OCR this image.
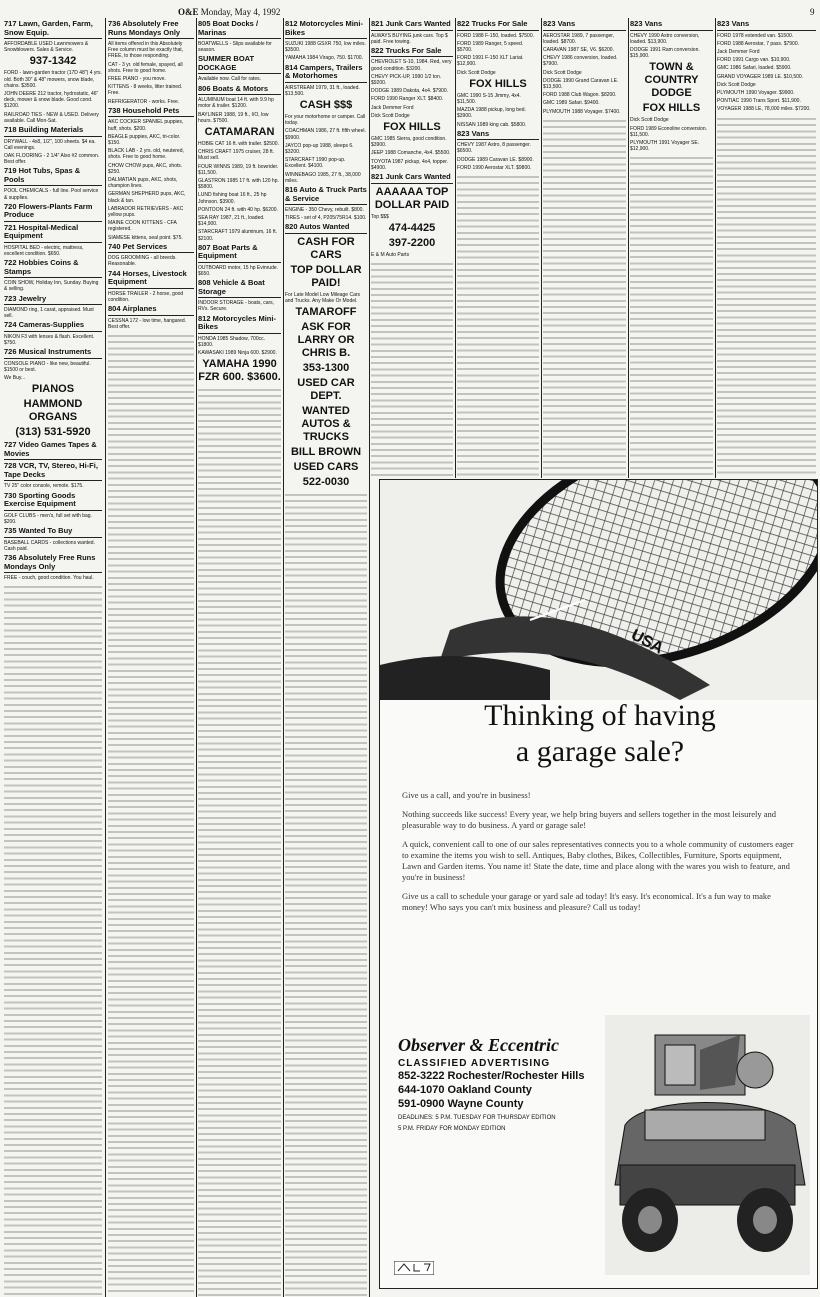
O&E Monday, May 4, 1992	9
717 Lawn, Garden, Farm, Snow Equip.
AFFORDABLE USED Lawnmowers & Snowblowers. Sales & Service.
937-1342
FORD - lawn-garden tractor (17D 48") 4 yrs. old. Both 30" & 48" mowers, snow blade, chains. $3500.
JOHN DEERE 212 tractor, hydrostatic, 46" deck, mower & snow blade. Good cond. $1200.
RAILROAD TIES - NEW & USED. Delivery available. Call Mon-Sat.
718 Building Materials
DRYWALL - 4x8, 1/2", 100 sheets. $4 ea. Call evenings.
OAK FLOORING - 2 1/4" Also #2 common. Best offer.
719 Hot Tubs, Spas & Pools
POOL CHEMICALS - full line. Pool service & supplies.
720 Flowers-Plants Farm Produce
721 Hospital-Medical Equipment
HOSPITAL BED - electric, mattress, excellent condition. $650.
722 Hobbies Coins & Stamps
COIN SHOW, Holiday Inn, Sunday. Buying & selling.
723 Jewelry
DIAMOND ring, 1 carat, appraised. Must sell.
724 Cameras-Supplies
NIKON F3 with lenses & flash. Excellent. $750.
726 Musical Instruments
CONSOLE PIANO - like new, beautiful. $1500 or best.
We Buy...
PIANOS
HAMMOND ORGANS
(313) 531-5920
727 Video Games Tapes & Movies
728 VCR, TV, Stereo, Hi-Fi, Tape Decks
TV 25" color console, remote. $175.
730 Sporting Goods Exercise Equipment
GOLF CLUBS - men's, full set with bag. $200.
735 Wanted To Buy
BASEBALL CARDS - collections wanted. Cash paid.
736 Absolutely Free Runs Mondays Only
FREE - couch, good condition. You haul.
736 Absolutely Free Runs Mondays Only
All items offered in this Absolutely Free column must be exactly that, FREE, to those responding.
CAT - 3 yr. old female, spayed, all shots. Free to good home.
FREE PIANO - you move.
KITTENS - 8 weeks, litter trained. Free.
REFRIGERATOR - works. Free.
738 Household Pets
AKC COCKER SPANIEL puppies, buff, shots. $200.
BEAGLE puppies, AKC, tri-color. $150.
BLACK LAB - 2 yrs. old, neutered, shots. Free to good home.
CHOW CHOW pups, AKC, shots. $250.
DALMATIAN pups, AKC, shots, champion lines.
GERMAN SHEPHERD pups, AKC, black & tan.
LABRADOR RETRIEVERS - AKC yellow pups.
MAINE COON KITTENS - CFA registered.
SIAMESE kittens, seal point. $75.
740 Pet Services
DOG GROOMING - all breeds. Reasonable.
744 Horses, Livestock Equipment
HORSE TRAILER - 2 horse, good condition.
804 Airplanes
CESSNA 172 - low time, hangared. Best offer.
805 Boat Docks / Marinas
BOATWELLS - Slips available for season.
SUMMER BOAT DOCKAGE
Available now. Call for rates.
806 Boats & Motors
ALUMINUM boat 14 ft. with 9.9 hp motor & trailer. $1200.
BAYLINER 1988, 19 ft., I/O, low hours. $7500.
CATAMARAN
HOBIE CAT 16 ft. with trailer. $2500.
CHRIS CRAFT 1975 cruiser, 28 ft. Must sell.
FOUR WINNS 1989, 19 ft. bowrider. $11,500.
GLASTRON 1985 17 ft. with 120 hp. $5800.
LUND fishing boat 16 ft., 25 hp Johnson. $3900.
PONTOON 24 ft. with 40 hp. $6200.
SEA RAY 1987, 21 ft., loaded. $14,900.
STARCRAFT 1979 aluminum, 16 ft. $2100.
807 Boat Parts & Equipment
OUTBOARD motor, 15 hp Evinrude. $650.
808 Vehicle & Boat Storage
INDOOR STORAGE - boats, cars, RVs. Secure.
812 Motorcycles Mini-Bikes
HONDA 1985 Shadow, 700cc. $1800.
KAWASAKI 1989 Ninja 600. $2900.
YAMAHA 1990 FZR 600. $3600.
812 Motorcycles Mini-Bikes
SUZUKI 1988 GSXR 750, low miles. $3500.
YAMAHA 1984 Virago, 750. $1700.
814 Campers, Trailers & Motorhomes
AIRSTREAM 1979, 31 ft., loaded. $13,500.
CASH $$$
For your motorhome or camper. Call today.
COACHMAN 1986, 27 ft. fifth wheel. $9900.
JAYCO pop-up 1988, sleeps 6. $3200.
STARCRAFT 1990 pop-up. Excellent. $4100.
WINNEBAGO 1985, 27 ft., 38,000 miles.
816 Auto & Truck Parts & Service
ENGINE - 350 Chevy, rebuilt. $800.
TIRES - set of 4, P205/75R14. $100.
820 Autos Wanted
CASH FOR CARS
TOP DOLLAR PAID!
For Late Model Low Mileage Cars and Trucks. Any Make Or Model.
TAMAROFF
ASK FOR LARRY OR CHRIS B.
353-1300
USED CAR DEPT.
WANTED AUTOS & TRUCKS
BILL BROWN
USED CARS
522-0030
821 Junk Cars Wanted
ALWAYS BUYING junk cars. Top $ paid. Free towing.
822 Trucks For Sale
CHEVROLET S-10, 1984. Red, very good condition. $3200.
CHEVY PICK-UP, 1990 1/2 ton. $9200.
DODGE 1989 Dakota, 4x4. $7900.
FORD 1990 Ranger XLT. $8400.
Jack Demmer Ford
Dick Scott Dodge
FOX HILLS
GMC 1985 Sierra, good condition. $3900.
JEEP 1988 Comanche, 4x4. $5500.
TOYOTA 1987 pickup, 4x4, topper. $4900.
821 Junk Cars Wanted
AAAAAA TOP DOLLAR PAID
Top $$$
474-4425
397-2200
E & M Auto Parts
822 Trucks For Sale
FORD 1988 F-150, loaded. $7500.
FORD 1989 Ranger, 5 speed. $5700.
FORD 1991 F-150 XLT Lariat. $12,900.
Dick Scott Dodge
FOX HILLS
GMC 1990 S-15 Jimmy, 4x4. $11,500.
MAZDA 1988 pickup, long bed. $3900.
NISSAN 1989 king cab. $5800.
823 Vans
CHEVY 1987 Astro, 8 passenger. $6500.
DODGE 1989 Caravan LE. $8900.
FORD 1990 Aerostar XLT. $9800.
823 Vans
AEROSTAR 1989, 7 passenger, loaded. $8700.
CARAVAN 1987 SE, V6. $6200.
CHEVY 1986 conversion, loaded. $7900.
Dick Scott Dodge
DODGE 1990 Grand Caravan LE. $13,500.
FORD 1988 Club Wagon. $8200.
GMC 1989 Safari. $9400.
PLYMOUTH 1988 Voyager. $7400.
823 Vans
CHEVY 1990 Astro conversion, loaded. $13,900.
DODGE 1991 Ram conversion. $15,900.
TOWN & COUNTRY DODGE
FOX HILLS
Dick Scott Dodge
FORD 1989 Econoline conversion. $11,500.
PLYMOUTH 1991 Voyager SE. $12,900.
823 Vans
FORD 1978 extended van. $1500.
FORD 1988 Aerostar, 7 pass. $7900.
Jack Demmer Ford
FORD 1991 Cargo van. $10,900.
GMC 1986 Safari, loaded. $5900.
GRAND VOYAGER 1989 LE. $10,500.
Dick Scott Dodge
PLYMOUTH 1990 Voyager. $9900.
PONTIAC 1990 Trans Sport. $11,900.
VOYAGER 1988 LE, 78,000 miles. $7200.
USA
Thinking of having
a garage sale?

Give us a call, and you're in business!

Nothing succeeds like success! Every year, we help bring buyers and sellers together in the most leisurely and pleasurable way to do business. A yard or garage sale!

A quick, convenient call to one of our sales representatives connects you to a whole community of customers eager to examine the items you wish to sell. Antiques, Baby clothes, Bikes, Collectibles, Furniture, Sports equipment, Lawn and Garden items. You name it! State the date, time and place along with the wares you wish to feature, and you're in business!

Give us a call to schedule your garage or yard sale ad today! It's easy. It's economical. It's a fun way to make money! Who says you can't mix business and pleasure? Call us today!

Observer & Eccentric
CLASSIFIED ADVERTISING
852-3222 Rochester/Rochester Hills
644-1070 Oakland County
591-0900 Wayne County
DEADLINES: 5 P.M. TUESDAY FOR THURSDAY EDITION
5 P.M. FRIDAY FOR MONDAY EDITION
